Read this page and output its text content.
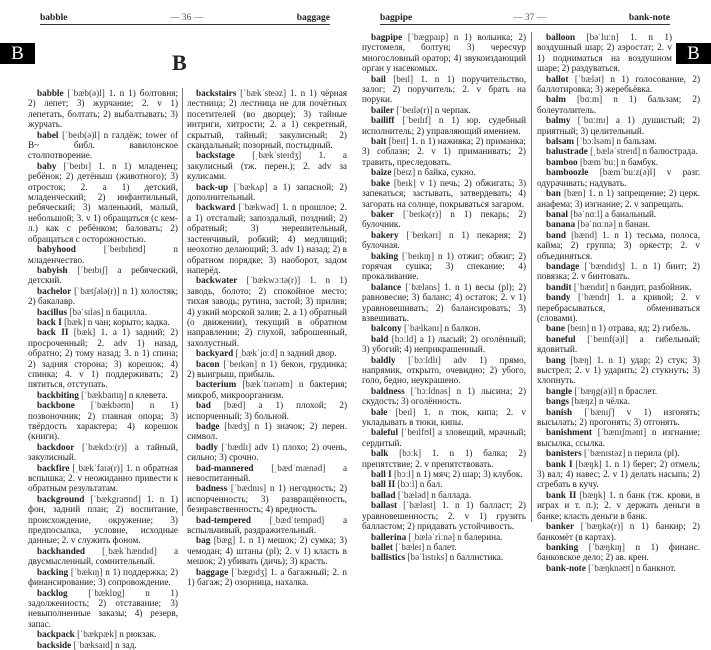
babble	— 36 —	baggage
B	B

babble [ˈbæb(ə)l] 1. n 1) болтовня; 2) лепет; 3) журчание; 2. v 1) лепетать, болтать; 2) выбалтывать; 3) журчать.

babel [ˈbeɪb(ə)l] n галдёж; tower of B~ библ. вавилонское столпотворение.

baby [ˈbeɪbɪ] 1. n 1) младенец; ребёнок; 2) детёныш (животного); 3) отросток; 2. a 1) детский, младенческий; 2) инфантильный, ребяческий; 3) маленький, малый, небольшой; 3. v 1) обращаться (с кем-л.) как с ребёнком; баловать; 2) обращаться с осторожностью.

babyhood	[ˈbeɪbɪhʊd]	n младенчество.

babyish [ˈbeɪbɪʃ] a ребяческий, детский.

bachelor [ˈbætʃələ(r)] n 1) холостяк; 2) бакалавр.

bacillus [bəˈsɪləs] n бацилла.

back I [bæk] n чан; корыто; кадка.

back II [bæk] 1. a 1) задний; 2) просроченный; 2. adv 1) назад, обратно; 2) тому назад; 3. n 1) спина; 2) задняя сторона; 3) корешок; 4) спинка; 4. v 1) поддерживать; 2) пятиться, отступать.

backbiting [ˈbækbaɪtɪŋ] n клевета.

backbone [ˈbækbəʊn] n 1) позвоночник; 2) главная опора; 3) твёрдость характера; 4) корешок (книги).

backdoor [ˈbækdɔː(r)] a тайный, закулисный.

backfire [ˌbækˈfaɪə(r)] 1. n обратная вспышка; 2. v неожиданно привести к обратным результатам.

background [ˈbækgraʊnd] 1. n 1) фон, задний план; 2) воспитание, происхождение, окружение; 3) предпосылка, условие, исходные данные; 2. v служить фоном.

backhanded [ˌbækˈhændɪd] a двусмысленный, сомнительный.

backing [ˈbækɪŋ] n 1) поддержка; 2) финансирование; 3) сопровождение.

backlog [ˈbæklɒg] n 1) задолженность; 2) отставание; 3) невыполненные заказы; 4) резерв, запас.

backpack [ˈbækpæk] n рюкзак.

backside [ˈbæksaɪd] n зад.

backstairs [ˈbækˈsteəz] 1. n 1) чёрная лестница; 2) лестница не для почётных посетителей (во дворце); 3) тайные интриги, хитрости; 2. a 1) секретный, скрытый, тайный; закулисный; 2) скандальный; позорный, постыдный.

backstage [ˌbækˈsteɪdʒ] 1. a закулисный (тж. перен.); 2. adv за кулисами.

back-up [ˈbækʌp] a 1) запасной; 2) дополнительный.

backward [ˈbækwəd] 1. n прошлое; 2. a 1) отсталый; запоздалый, поздний; 2) обратный; 3) нерешительный, застенчивый, робкий; 4) медлящий; неохотно делающий; 3. adv 1) назад; 2) в обратном порядке; 3) наоборот, задом наперёд.

backwater [ˈbækwɔːtə(r)] 1. n 1) заводь, болото; 2) спокойное место; тихая заводь; рутина, застой; 3) прилив; 4) узкий морской залив; 2. a 1) обратный (о движении), текущий в обратном направлении; 2) глухой, заброшенный, захолустный.

backyard [ˌbækˈjɑːd] n задний двор.

bacon [ˈbeɪkən] n 1) бекон, грудинка; 2) выигрыш, прибыль.

bacterium [bækˈtɪərɪəm] n бактерия; микроб, микроорганизм.

bad [bæd] a 1) плохой; 2) испорченный; 3) больной.

badge [bædʒ] n 1) значок; 2) перен. символ.

badly [ˈbædlɪ] adv 1) плохо; 2) очень, сильно; 3) срочно.

bad-mannered [ˌbædˈmænəd] a невоспитанный.

badness [ˈbædnɪs] n 1) негодность; 2) испорченность; 3) развращённость, безнравственность; 4) вредность.

bad-tempered [ˌbædˈtempəd] a вспыльчивый, раздражительный.

bag [bæg] 1. n 1) мешок; 2) сумка; 3) чемодан; 4) штаны (pl); 2. v 1) класть в мешок; 2) убивать (дичь); 3) красть.

baggage [ˈbægɪdʒ] 1. a багажный; 2. n 1) багаж; 2) озорница, нахалка.

bagpipe	— 37 —	bank-note
B

bagpipe [ˈbægpaɪp] n 1) волынка; 2) пустомеля, болтун; 3) чересчур многословный оратор; 4) звукоиздающий орган у насекомых.

bail [beɪl] 1. n 1) поручительство, залог; 2) поручитель; 2. v брать на поруки.

bailer [ˈbeɪlə(r)] n черпак.

bailiff [ˈbeɪlɪf] n 1) юр. судебный исполнитель; 2) управляющий имением.

bait [beɪt] 1. n 1) наживка; 2) приманка; 3) соблазн; 2. v 1) приманивать; 2) травить, преследовать.

baize [beɪz] n байка, сукно.

bake [beɪk] v 1) печь; 2) обжигать; 3) запекаться; застывать, затвердевать; 4) загорать на солнце, покрываться загаром.

baker [ˈbeɪkə(r)] n 1) пекарь; 2) булочник.

bakery [ˈbeɪkərɪ] n 1) пекарня; 2) булочная.

baking [ˈbeɪkɪŋ] n 1) отжиг; обжиг; 2) горячая сушка; 3) спекание; 4) прокаливание.

balance [ˈbæləns] 1. n 1) весы (pl); 2) равновесие; 3) баланс; 4) остаток; 2. v 1) уравновешивать; 2) балансировать; 3) взвешивать.

balcony [ˈbælkənɪ] n балкон.

bald [bɔːld] a 1) лысый; 2) оголённый; 3) убогий; 4) неприкрашенный.

baldly [ˈbɔːldlɪ] adv 1) прямо, напрямик, открыто, очевидно; 2) убого, голо, бедно, неукрашено.

baldness [ˈbɔːldnəs] n 1) лысина; 2) скудость; 3) оголённость.

bale [beɪl] 1. n тюк, кипа; 2. v укладывать в тюки, кипы.

baleful [ˈbeɪlfʊl] a зловещий, мрачный; сердитый.

balk [bɔːk] 1. n 1) балка; 2) препятствие; 2. v препятствовать.

ball I [bɔːl] n 1) мяч; 2) шар; 3) клубок.

ball II [bɔːl] n бал.

ballad [ˈbæləd] n баллада.

ballast [ˈbæləst] 1. n 1) балласт; 2) уравновешенность; 2. v 1) грузить балластом; 2) придавать устойчивость.

ballerina [ˌbæləˈriːnə] n балерина.

ballet [ˈbæleɪ] n балет.

ballistics [bəˈlɪstɪks] n баллистика.

balloon [bəˈluːn] 1. n 1) воздушный шар; 2) аэростат; 2. v 1) подниматься на воздушном шаре; 2) раздуваться.

ballot [ˈbælət] n 1) голосование, 2) баллотировка; 3) жеребьёвка.

balm [bɑːm] n 1) бальзам; 2) болеутолитель.

balmy [ˈbɑːmɪ] a 1) душистый; 2) приятный; 3) целительный.

balsam [ˈbɔːlsəm] n бальзам.

balustrade [ˌbæləˈstreɪd] n балюстрада.

bamboo [bæmˈbuː] n бамбук.

bamboozle [bæmˈbuːz(ə)l] v разг. одурачивать; надувать.

ban [bæn] 1. n 1) запрещение; 2) церк. анафема; 3) изгнание; 2. v запрещать.

banal [bəˈnɑːl] a банальный.

banana [bəˈnɑːnə] n банан.

band [bænd] 1. n 1) тесьма, полоса, кайма; 2) группа; 3) оркестр; 2. v объединяться.

bandage [ˈbændɪdʒ] 1. n 1) бинт; 2) повязка; 2. v бинтовать.

bandit [ˈbændɪt] n бандит, разбойник.

bandy [ˈbændɪ] 1. a кривой; 2. v перебрасываться, обмениваться (словами).

bane [beɪn] n 1) отрава, яд; 2) гибель.

baneful [ˈbeɪnf(ə)l] a гибельный; ядовитый.

bang [bæŋ] 1. n 1) удар; 2) стук; 3) выстрел; 2. v 1) ударить; 2) стукнуть; 3) хлопнуть.

bangle [ˈbæŋg(ə)l] n браслет.

bangs [bæŋz] n чёлка.

banish [ˈbænɪʃ] v 1) изгонять; высылать; 2) прогонять; 3) отгонять.

banishment [ˈbænɪʃmənt] n изгнание; высылка, ссылка.

banisters [ˈbænɪstəz] n перила (pl).

bank I [bæŋk] 1. n 1) берег; 2) отмель; 3) вал; 4) навес; 2. v 1) делать насыпь; 2) сгребать в кучу.

bank II [bæŋk] 1. n банк (тж. крови, в играх и т. п.); 2. v держать деньги в банке; класть деньги в банк.

banker [ˈbæŋkə(r)] n 1) банкир; 2) банкомёт (в картах).

banking [ˈbæŋkɪŋ] n 1) финанс. банковское дело; 2) ав. крен.

bank-note [ˈbæŋknəʊt] n банкнот.
